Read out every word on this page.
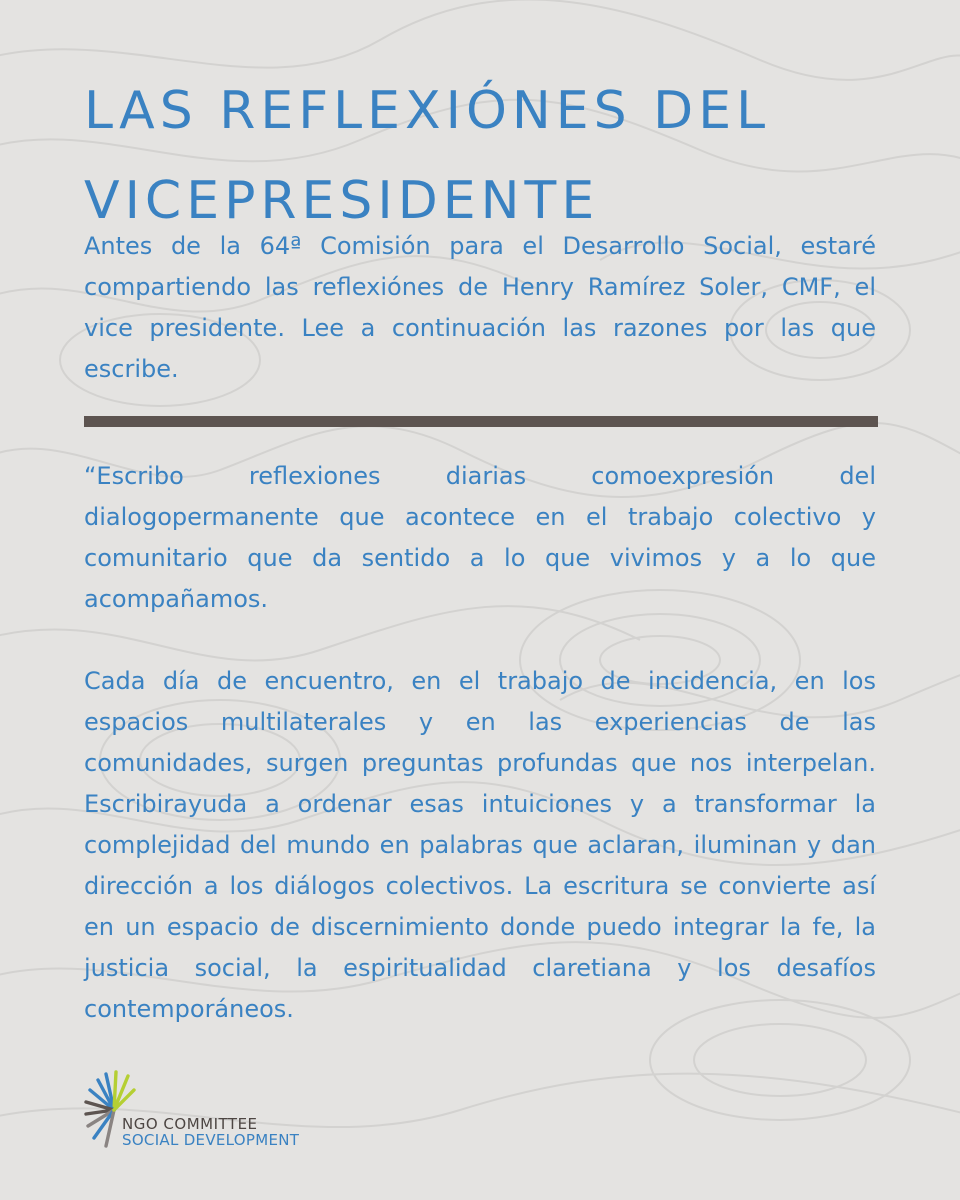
LAS REFLEXIÓNES DEL
VICEPRESIDENTE

Antes de la 64ª Comisión para el Desarrollo Social, estaré compartiendo las reflexiónes de Henry Ramírez Soler, CMF, el vice presidente. Lee a continuación las razones por las que escribe.

“Escribo reflexiones diarias comoexpresión del dialogopermanente que acontece en el trabajo colectivo y comunitario que da sentido a lo que vivimos y a lo que acompañamos.

Cada día de encuentro, en el trabajo de incidencia, en los espacios multilaterales y en las experiencias de las comunidades, surgen preguntas profundas que nos interpelan. Escribirayuda a ordenar esas intuiciones y a transformar la complejidad del mundo en palabras que aclaran, iluminan y dan dirección a los diálogos colectivos. La escritura se convierte así en un espacio de discernimiento donde puedo integrar la fe, la justicia social, la espiritualidad claretiana y los desafíos contemporáneos.

NGO COMMITTEE
SOCIAL DEVELOPMENT
